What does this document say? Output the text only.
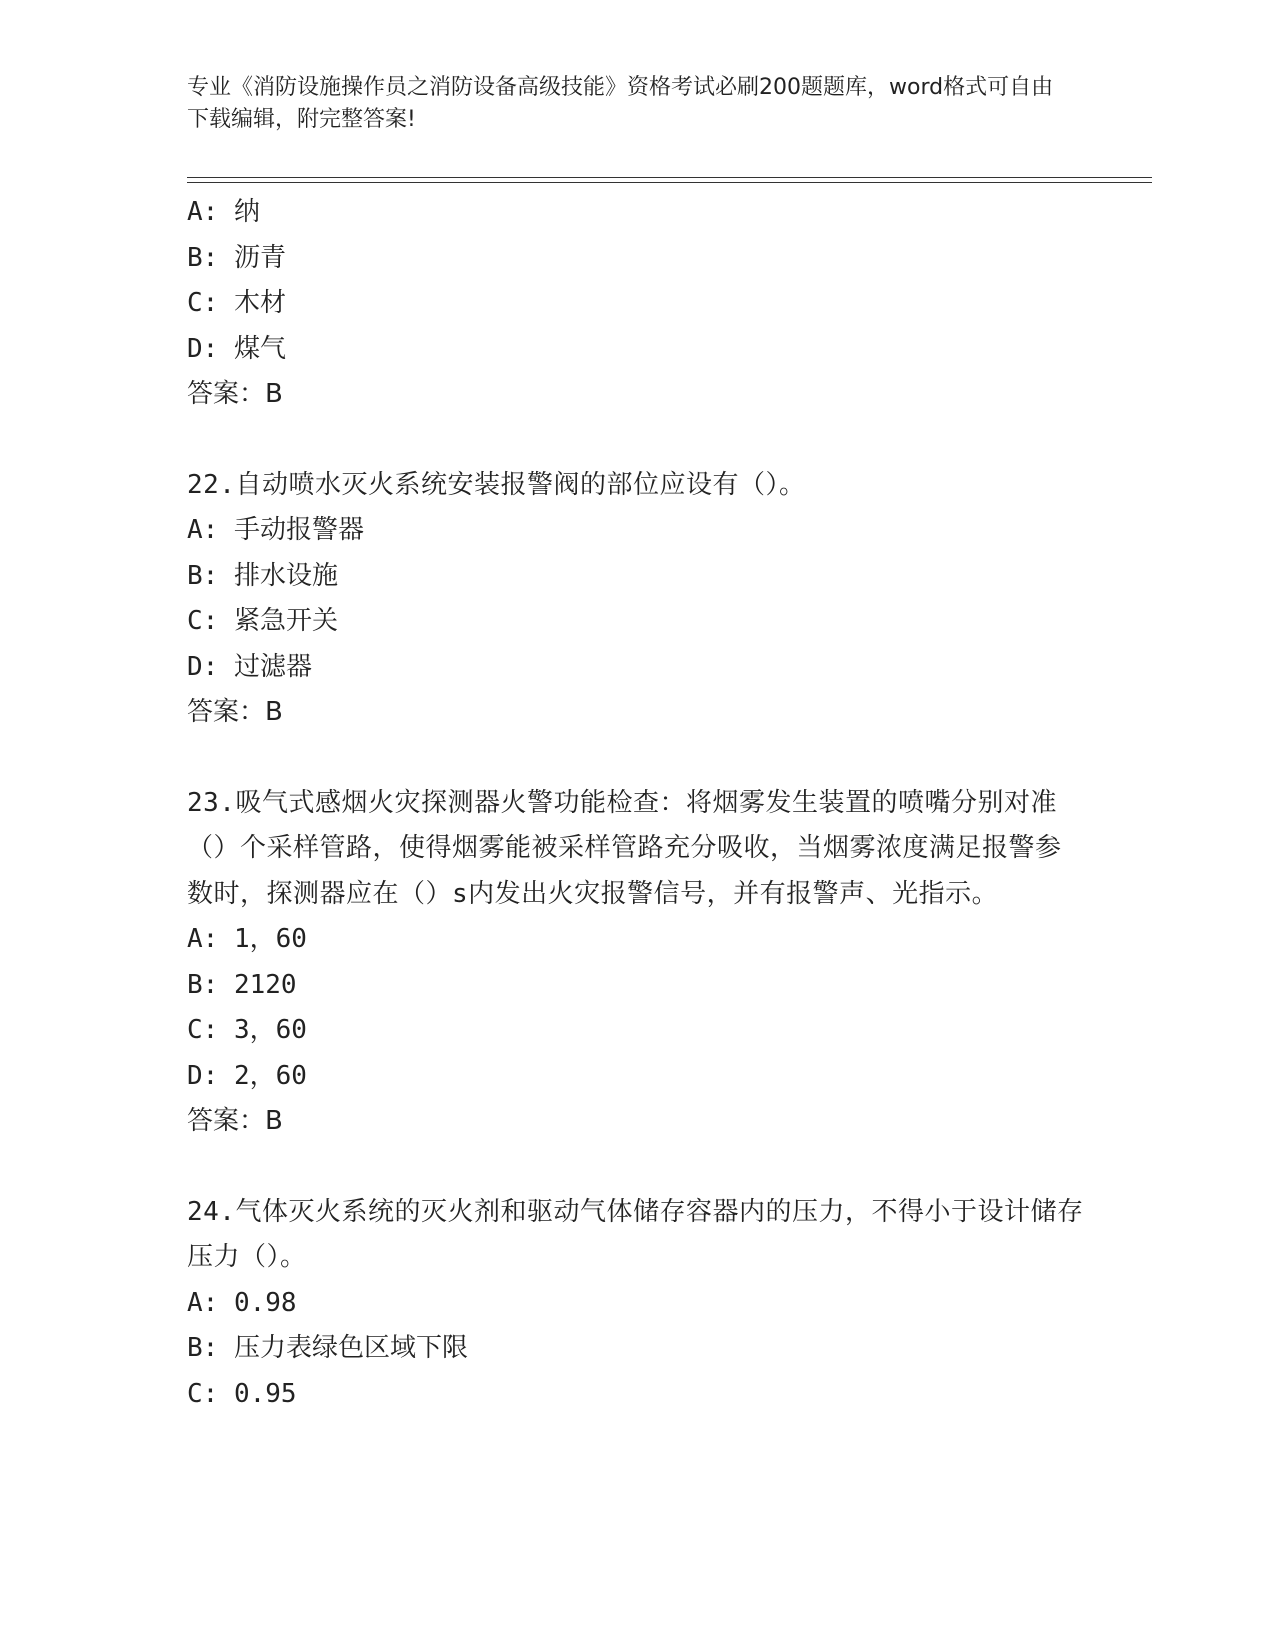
专业《消防设施操作员之消防设备高级技能》资格考试必刷200题题库，word格式可自由下载编辑，附完整答案!
A: 纳
B: 沥青
C: 木材
D: 煤气
答案：B
22.自动喷水灭火系统安装报警阀的部位应设有（）。
A: 手动报警器
B: 排水设施
C: 紧急开关
D: 过滤器
答案：B
23.吸气式感烟火灾探测器火警功能检查：将烟雾发生装置的喷嘴分别对准（）个采样管路，使得烟雾能被采样管路充分吸收，当烟雾浓度满足报警参数时，探测器应在（）s内发出火灾报警信号，并有报警声、光指示。
A: 1，60
B: 2120
C: 3，60
D: 2，60
答案：B
24.气体灭火系统的灭火剂和驱动气体储存容器内的压力，不得小于设计储存压力（）。
A: 0.98
B: 压力表绿色区域下限
C: 0.95
